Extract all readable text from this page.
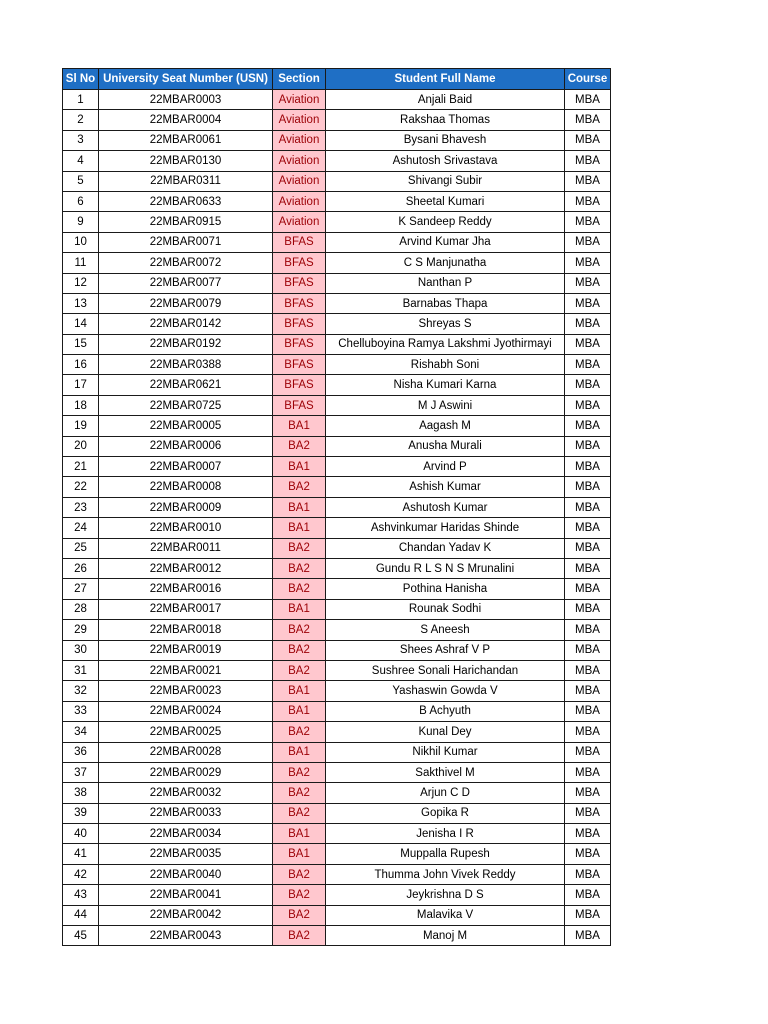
Sl No	University Seat Number (USN)	Section	Student Full Name	Course
1	22MBAR0003	Aviation	Anjali Baid	MBA
2	22MBAR0004	Aviation	Rakshaa Thomas	MBA
3	22MBAR0061	Aviation	Bysani Bhavesh	MBA
4	22MBAR0130	Aviation	Ashutosh Srivastava	MBA
5	22MBAR0311	Aviation	Shivangi Subir	MBA
6	22MBAR0633	Aviation	Sheetal Kumari	MBA
9	22MBAR0915	Aviation	K Sandeep Reddy	MBA
10	22MBAR0071	BFAS	Arvind Kumar Jha	MBA
11	22MBAR0072	BFAS	C S Manjunatha	MBA
12	22MBAR0077	BFAS	Nanthan P	MBA
13	22MBAR0079	BFAS	Barnabas Thapa	MBA
14	22MBAR0142	BFAS	Shreyas S	MBA
15	22MBAR0192	BFAS	Chelluboyina Ramya Lakshmi Jyothirmayi	MBA
16	22MBAR0388	BFAS	Rishabh Soni	MBA
17	22MBAR0621	BFAS	Nisha Kumari Karna	MBA
18	22MBAR0725	BFAS	M J Aswini	MBA
19	22MBAR0005	BA1	Aagash M	MBA
20	22MBAR0006	BA2	Anusha Murali	MBA
21	22MBAR0007	BA1	Arvind P	MBA
22	22MBAR0008	BA2	Ashish Kumar	MBA
23	22MBAR0009	BA1	Ashutosh Kumar	MBA
24	22MBAR0010	BA1	Ashvinkumar Haridas Shinde	MBA
25	22MBAR0011	BA2	Chandan Yadav K	MBA
26	22MBAR0012	BA2	Gundu R L S N S Mrunalini	MBA
27	22MBAR0016	BA2	Pothina Hanisha	MBA
28	22MBAR0017	BA1	Rounak Sodhi	MBA
29	22MBAR0018	BA2	S Aneesh	MBA
30	22MBAR0019	BA2	Shees Ashraf V P	MBA
31	22MBAR0021	BA2	Sushree Sonali Harichandan	MBA
32	22MBAR0023	BA1	Yashaswin Gowda V	MBA
33	22MBAR0024	BA1	B Achyuth	MBA
34	22MBAR0025	BA2	Kunal Dey	MBA
36	22MBAR0028	BA1	Nikhil Kumar	MBA
37	22MBAR0029	BA2	Sakthivel M	MBA
38	22MBAR0032	BA2	Arjun C D	MBA
39	22MBAR0033	BA2	Gopika R	MBA
40	22MBAR0034	BA1	Jenisha I R	MBA
41	22MBAR0035	BA1	Muppalla Rupesh	MBA
42	22MBAR0040	BA2	Thumma John Vivek Reddy	MBA
43	22MBAR0041	BA2	Jeykrishna D S	MBA
44	22MBAR0042	BA2	Malavika V	MBA
45	22MBAR0043	BA2	Manoj M	MBA
